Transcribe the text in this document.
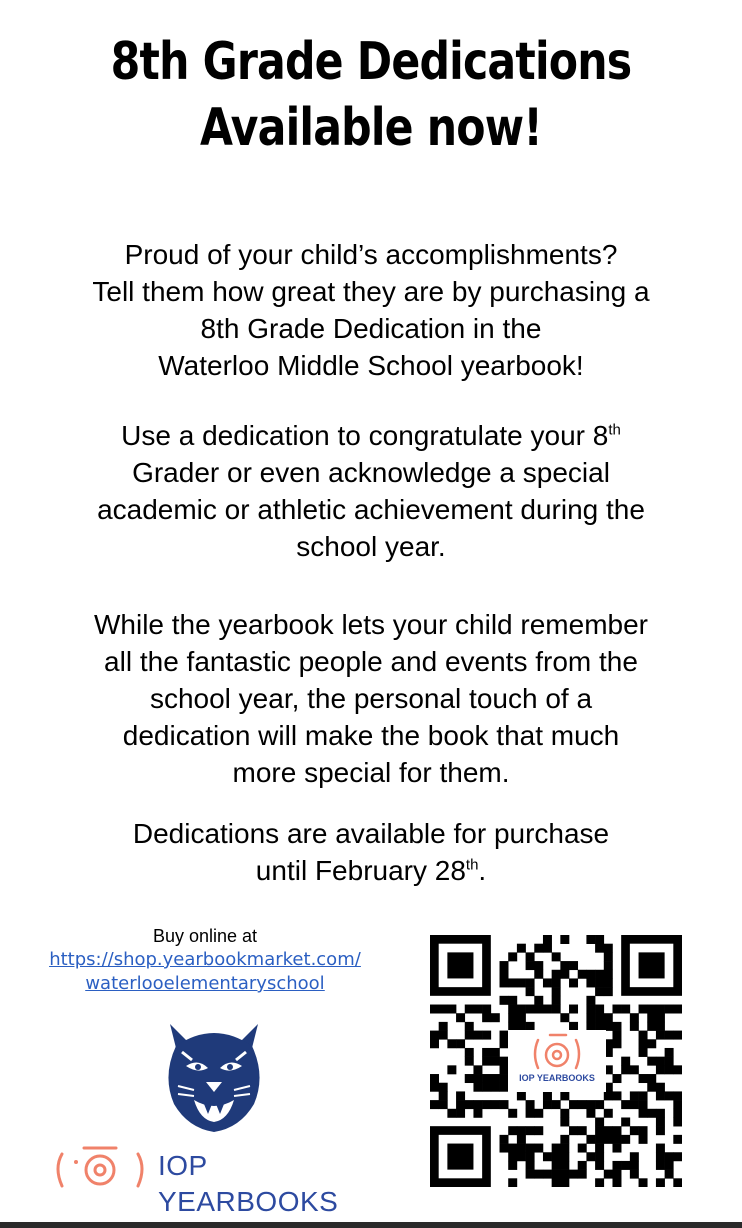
8th Grade Dedications
Available now!

Proud of your child’s accomplishments?
Tell them how great they are by purchasing a
8th Grade Dedication in the
Waterloo Middle School yearbook!

Use a dedication to congratulate your 8th
Grader or even acknowledge a special
academic or athletic achievement during the
school year.

While the yearbook lets your child remember
all the fantastic people and events from the
school year, the personal touch of a
dedication will make the book that much
more special for them.

Dedications are available for purchase
until February 28th.

Buy online at
https://shop.yearbookmarket.com/
waterlooelementaryschool
IOP YEARBOOKS
IOP YEARBOOKS
